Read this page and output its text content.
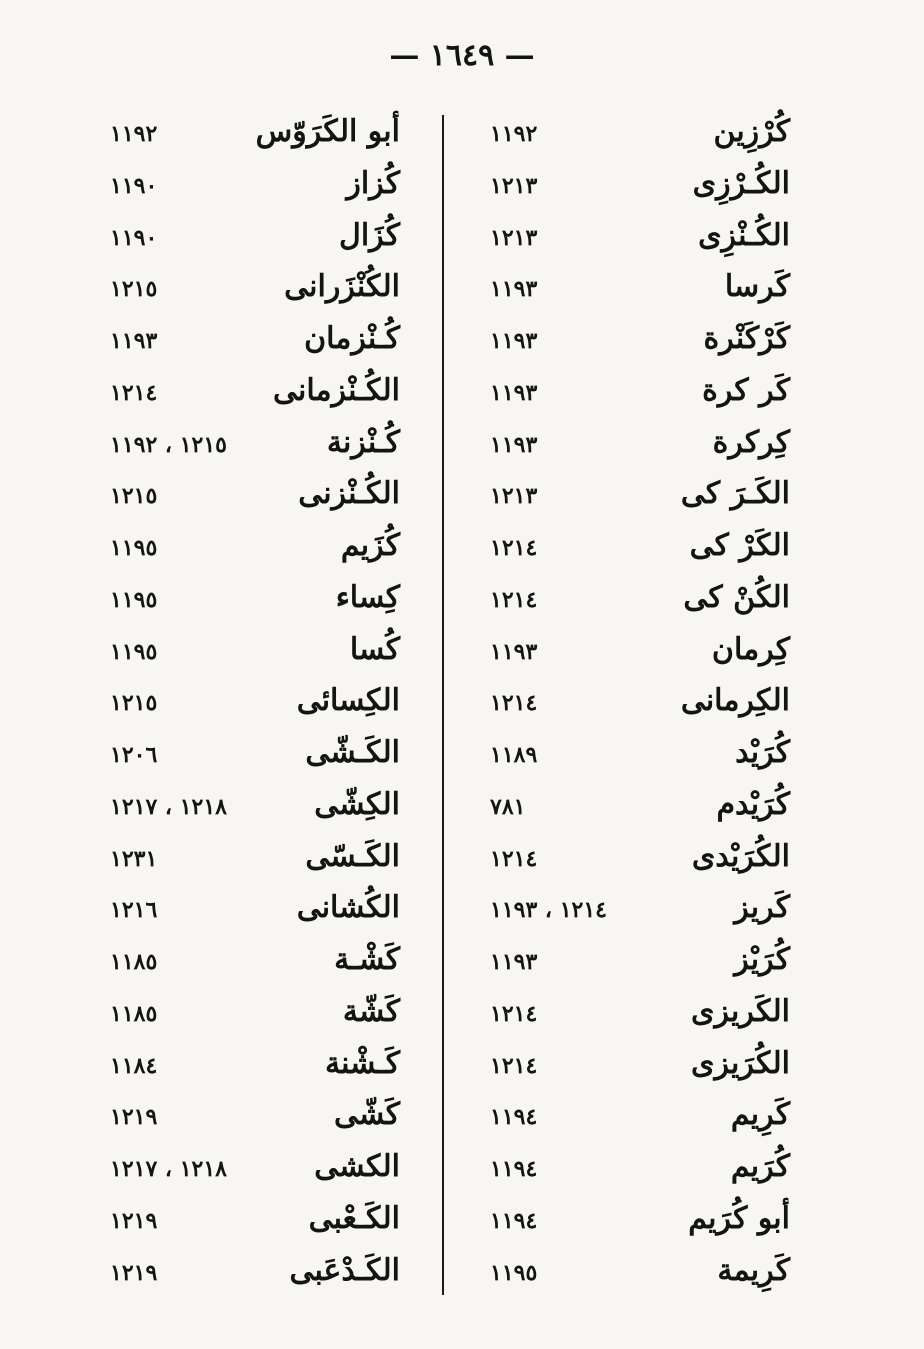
— ١٦٤٩ —
كُرْزِين
١١٩٢
الكُـرْزِى
١٢١٣
الكُـنْزِى
١٢١٣
كَرسا
١١٩٣
كَرْكَنْرة
١١٩٣
كَر كرة
١١٩٣
كِركرة
١١٩٣
الكَـرَ كى
١٢١٣
الكَرْ كى
١٢١٤
الكُنْ كى
١٢١٤
كِرمان
١١٩٣
الكِرمانى
١٢١٤
كُرَيْد
١١٨٩
كُرَيْدم
٧٨١
الكُرَيْدى
١٢١٤
كَريز
١٢١٤ ، ١١٩٣
كُرَيْز
١١٩٣
الكَريزى
١٢١٤
الكُرَيزى
١٢١٤
كَرِيم
١١٩٤
كُرَيم
١١٩٤
أبو كُرَيم
١١٩٤
كَرِيمة
١١٩٥
أبو الكَرَوّس
١١٩٢
كُزاز
١١٩٠
كُزَال
١١٩٠
الكُنْزَرانى
١٢١٥
كُـنْزمان
١١٩٣
الكُـنْزمانى
١٢١٤
كُـنْزنة
١٢١٥ ، ١١٩٢
الكُـنْزنى
١٢١٥
كُزَيم
١١٩٥
كِساء
١١٩٥
كُسا
١١٩٥
الكِسائى
١٢١٥
الكَـشّى
١٢٠٦
الكِشّى
١٢١٨ ، ١٢١٧
الكَـسّى
١٢٣١
الكُشانى
١٢١٦
كَشْـة
١١٨٥
كَشّة
١١٨٥
كَـشْنة
١١٨٤
كَشّى
١٢١٩
الكشى
١٢١٨ ، ١٢١٧
الكَـعْبى
١٢١٩
الكَـدْعَبى
١٢١٩
